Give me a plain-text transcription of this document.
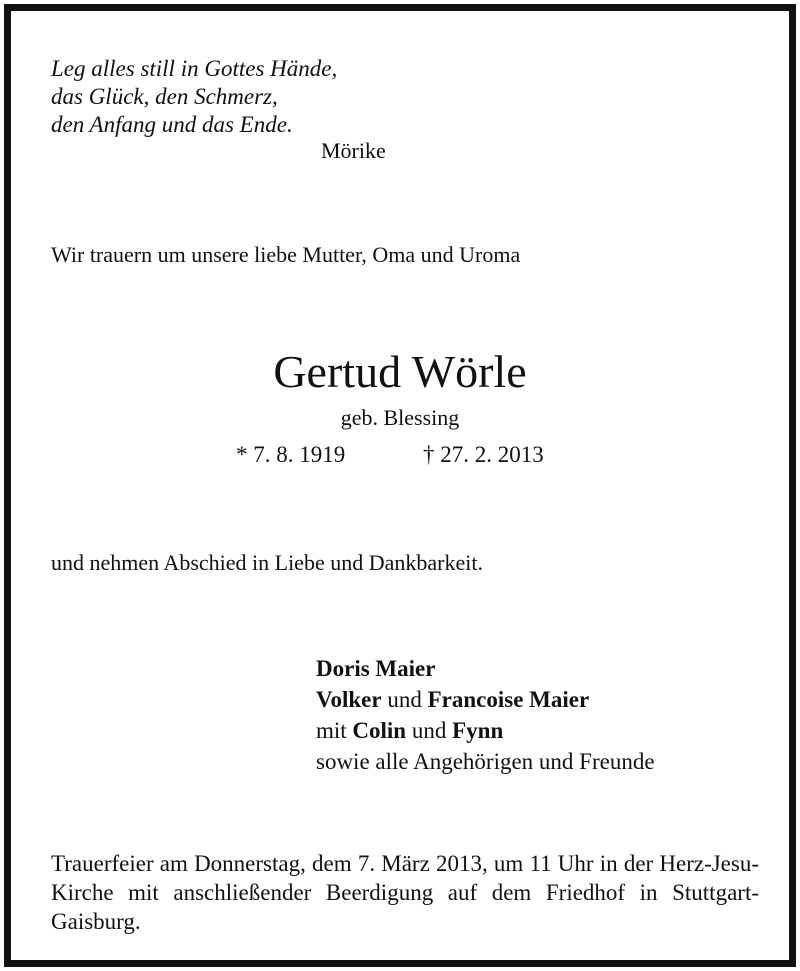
Leg alles still in Gottes Hände,
das Glück, den Schmerz,
den Anfang und das Ende.
Mörike
Wir trauern um unsere liebe Mutter, Oma und Uroma
Gertud Wörle
geb. Blessing
* 7. 8. 1919	† 27. 2. 2013
und nehmen Abschied in Liebe und Dankbarkeit.
Doris Maier
Volker und Francoise Maier
mit Colin und Fynn
sowie alle Angehörigen und Freunde
Trauerfeier am Donnerstag, dem 7. März 2013, um 11 Uhr in der Herz-Jesu-Kirche mit anschließender Beerdigung auf dem Friedhof in Stuttgart-Gaisburg.
